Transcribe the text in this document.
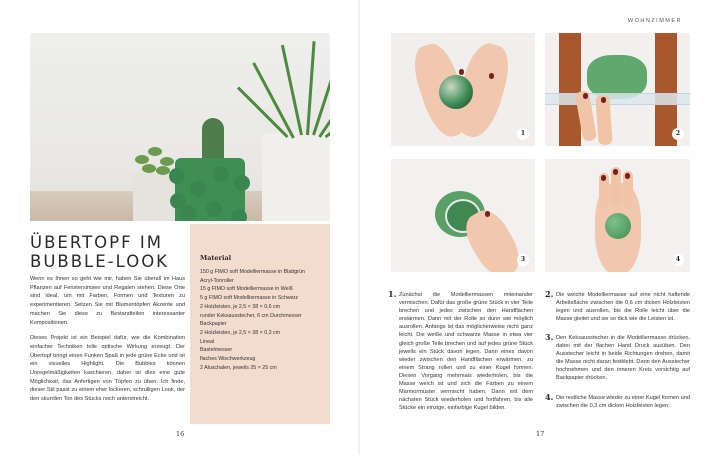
ÜBERTOPF IM BUBBLE-LOOK

Wenn es Ihnen so geht wie mir, haben Sie überall im Haus Pflanzen auf Fenstersimsen und Regalen stehen. Diese Orte sind ideal, um mit Farben, Formen und Texturen zu experimentieren. Setzen Sie mit Blumentöpfen Akzente und machen Sie diese zu Bestandteilen interessanter Kompositionen.

Dieses Projekt ist ein Beispiel dafür, wie die Kombination einfacher Techniken tolle optische Wirkung erzeugt. Der Übertopf bringt einen Funken Spaß in jede grüne Ecke und ist ein visuelles Highlight. Die Bubbles können Unregelmäßigkeiten kaschieren, daher ist dies eine gute Möglichkeit, das Anfertigen von Töpfen zu üben. Ich finde, dieser Stil passt zu einem eher lockeren, schrulligen Look, der den skurrilen Ton des Stücks noch unterstreicht.

Material
150 g FIMO soft Modelliermasse in Blattgrün
Acryl-Tonroller
15 g FIMO soft Modelliermasse in Weiß
5 g FIMO soft Modelliermasse in Schwarz
2 Holzleisten, je 2,5 × 38 × 0,6 cm
runder Keksausstecher, 6 cm Durchmesser
Backpapier
2 Holzleisten, je 2,5 × 38 × 0,3 cm
Lineal
Bastelmesser
flaches Wischwerkzeug
2 Aluschalen, jeweils 25 × 25 cm
16
WOHNZIMMER
1	2
3	4
1. Zunächst die Modelliermassen miteinander vermischen. Dafür das große grüne Stück in vier Teile brechen und jedes zwischen den Handflächen erwärmen. Dann mit der Rolle so dünn wie möglich ausrollen. Anfangs ist das möglicherweise nicht ganz leicht. Die weiße und schwarze Masse in etwa vier gleich große Teile brechen und auf jedes grüne Stück jeweils ein Stück davon legen. Dann eines davon wieder zwischen den Handflächen erwärmen, zu einem Strang rollen und zu einer Kugel formen. Diesen Vorgang mehrmals wiederholen, bis die Masse weich ist und sich die Farben zu einem Marmormuster vermischt haben. Dann mit dem nächsten Stück wiederholen und fortfahren, bis alle Stücke ein einzige, einfarbige Kugel bilden.
2. Die weiche Modelliermasse auf eine nicht haftende Arbeitsfläche zwischen die 0,6 cm dicken Holzleisten legen und ausrollen, bis die Rolle leicht über die Masse gleitet und sie so dick wie die Leisten ist.
3. Den Keksausstecher in die Modelliermasse drücken, dabei mit der flachen Hand Druck ausüben. Den Ausstecher leicht in beide Richtungen drehen, damit die Masse nicht daran festklebt. Dann den Ausstecher hochnehmen und den inneren Kreis vorsichtig auf Backpapier drücken.
4. Die restliche Masse wieder zu einer Kugel formen und zwischen die 0,3 cm dicken Holzleisten legen.
17
